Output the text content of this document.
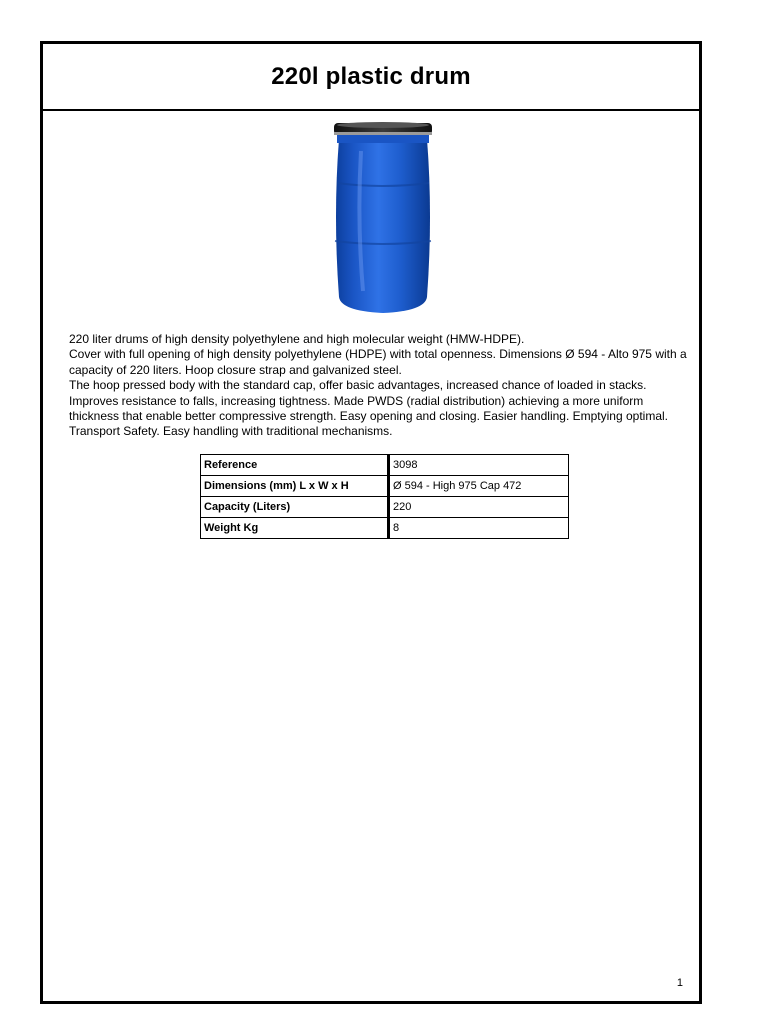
220l plastic drum

220 liter drums of high density polyethylene and high molecular weight (HMW-HDPE).

Cover with full opening of high density polyethylene (HDPE) with total openness. Dimensions Ø 594 - Alto 975 with a capacity of 220 liters. Hoop closure strap and galvanized steel.

The hoop pressed body with the standard cap, offer basic advantages, increased chance of loaded in stacks. Improves resistance to falls, increasing tightness. Made PWDS (radial distribution) achieving a more uniform thickness that enable better compressive strength. Easy opening and closing. Easier handling. Emptying optimal. Transport Safety. Easy handling with traditional mechanisms.

Reference	3098
Dimensions (mm) L x W x H	Ø 594 - High 975 Cap 472
Capacity (Liters)	220
Weight Kg	8
1
